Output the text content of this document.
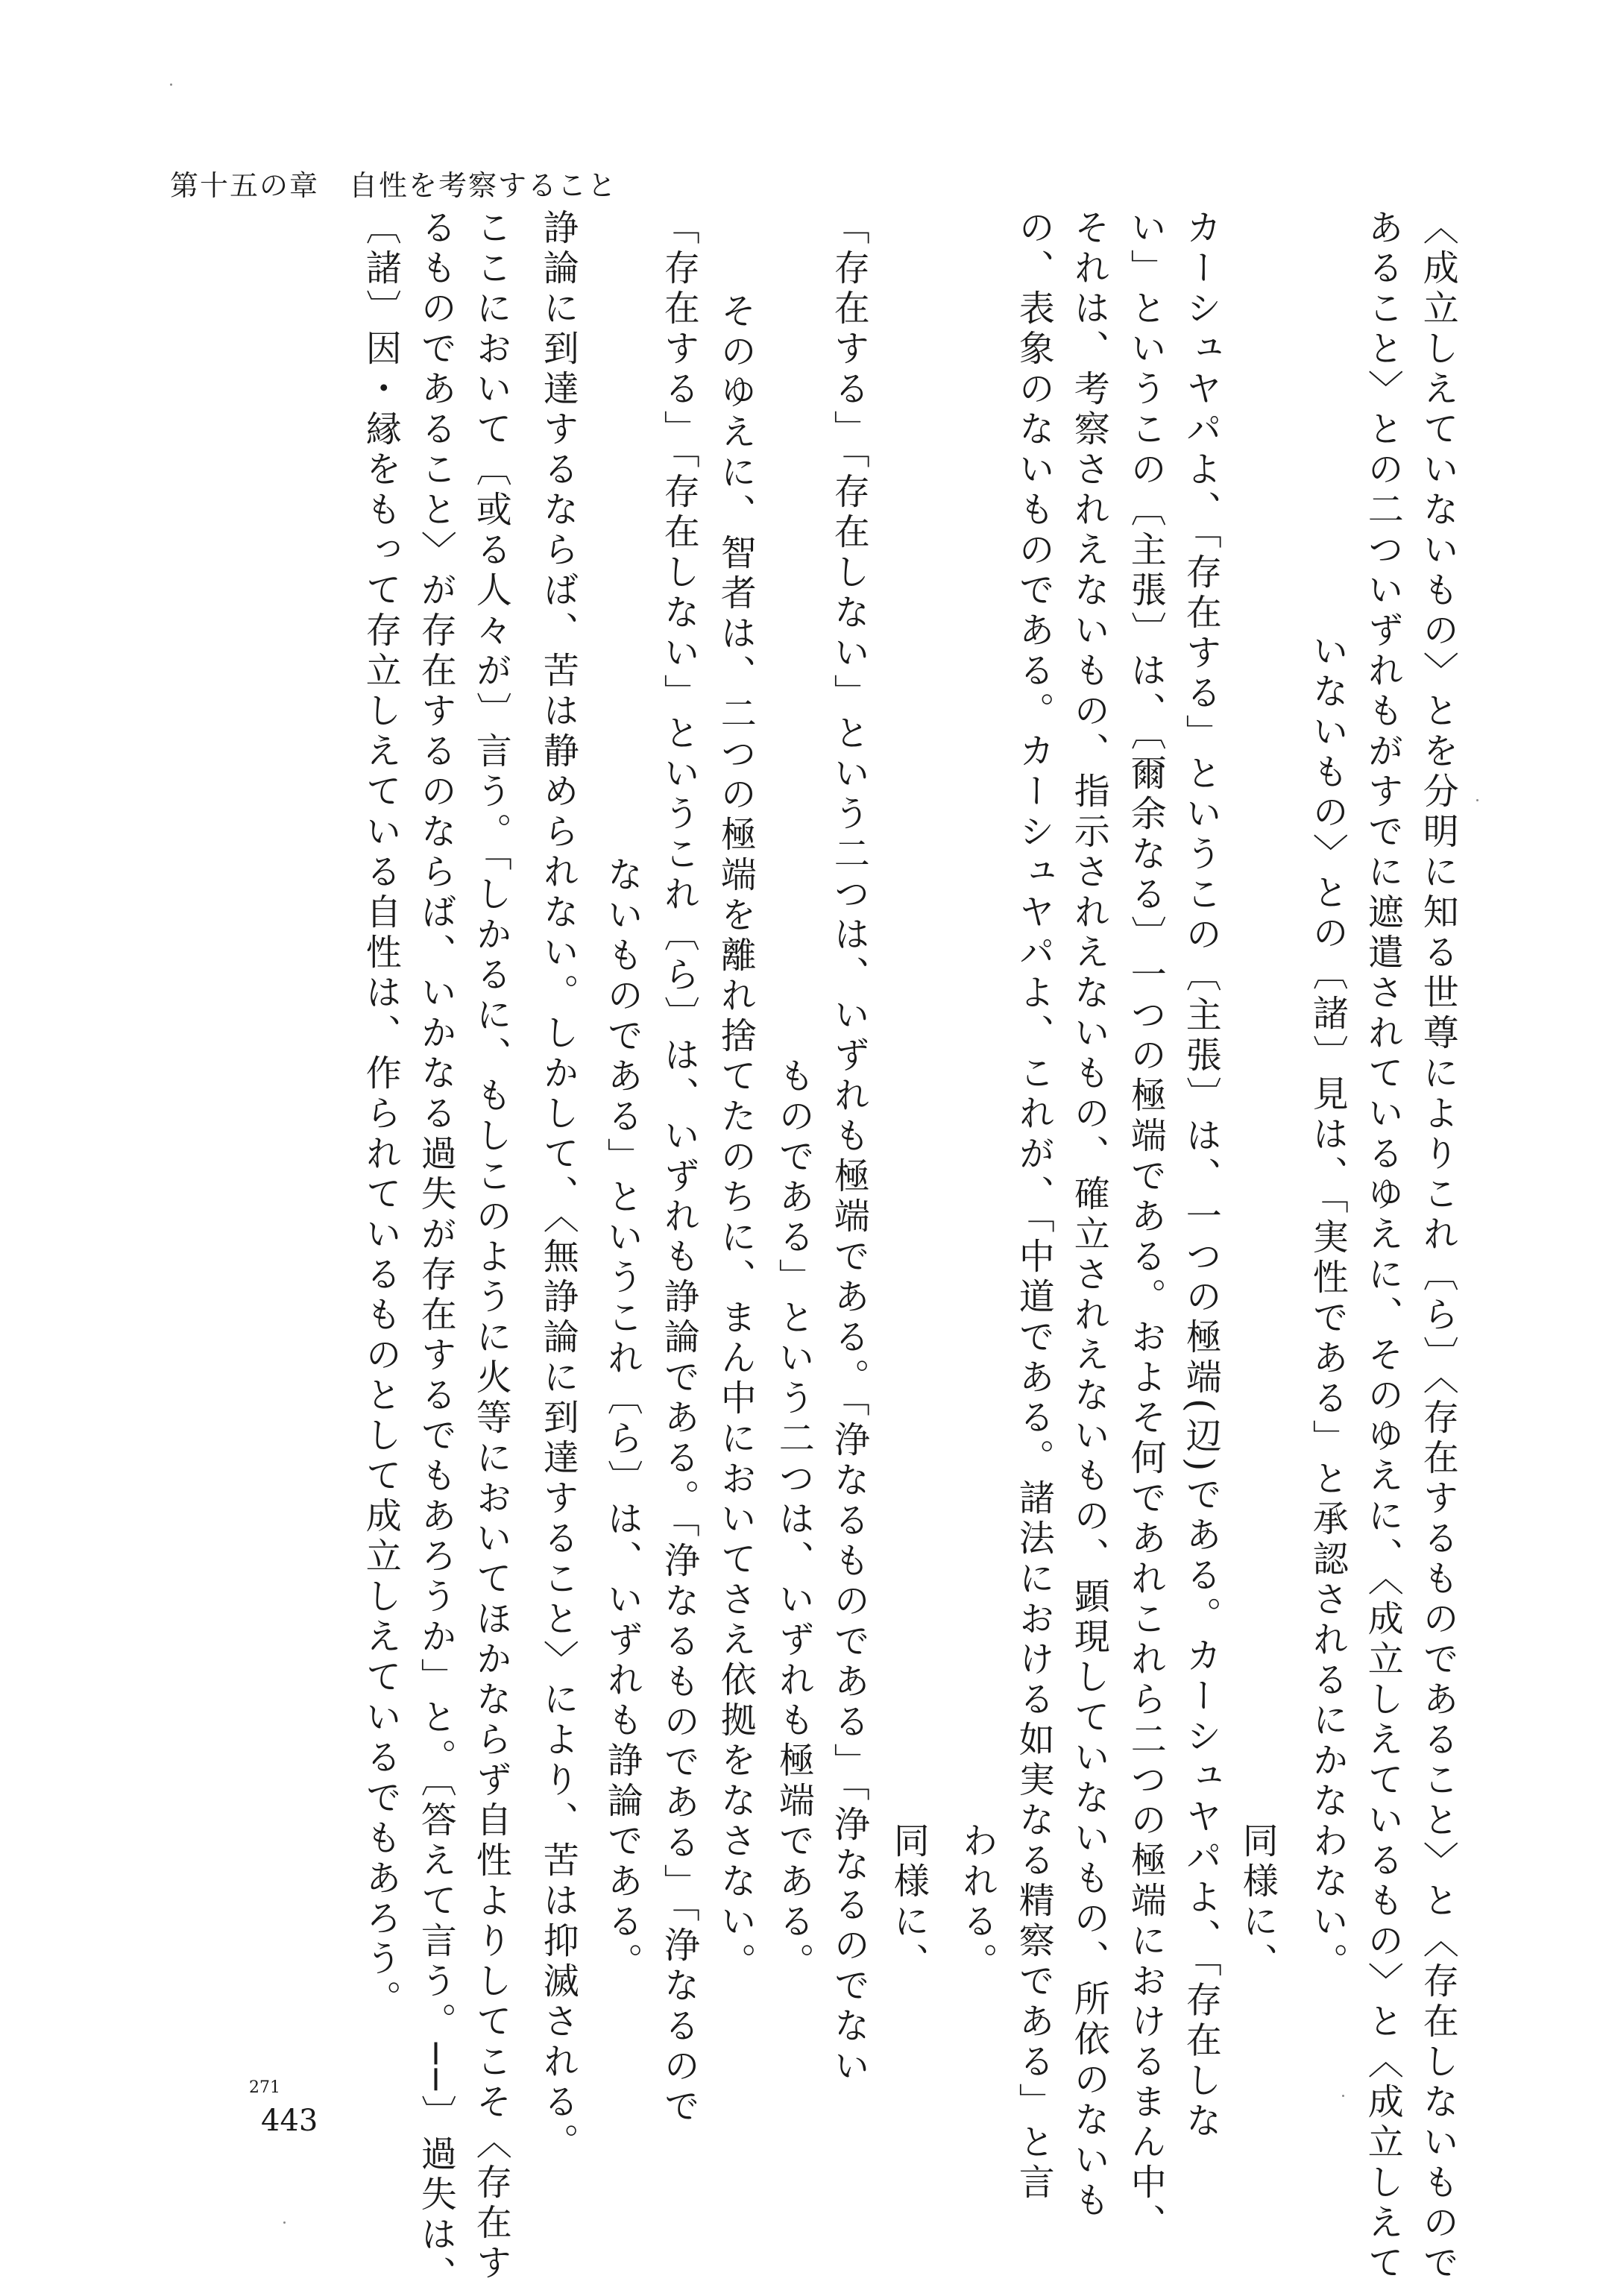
第十五の章　自性を考察すること
〈成立しえていないもの〉とを分明に知る世尊によりこれ〔ら〕〈存在するものであること〉と〈存在しないもので
あること〉との二ついずれもがすでに遮遣されているゆえに、そのゆえに、〈成立しえているもの〉と〈成立しえて
いないもの〉との〔諸〕見は、「実性である」と承認されるにかなわない。
同様に、
カーシュヤパよ、「存在する」というこの〔主張〕は、一つの極端(辺)である。カーシュヤパよ、「存在しな
い」というこの〔主張〕は、〔爾余なる〕一つの極端である。およそ何であれこれら二つの極端におけるまん中、
それは、考察されえないもの、指示されえないもの、確立されえないもの、顕現していないもの、所依のないも
の、表象のないものである。カーシュヤパよ、これが、「中道である。諸法における如実なる精察である」と言
われる。
同様に、
「存在する」「存在しない」という二つは、いずれも極端である。「浄なるものである」「浄なるのでない
ものである」という二つは、いずれも極端である。
そのゆえに、智者は、二つの極端を離れ捨てたのちに、まん中においてさえ依拠をなさない。
「存在する」「存在しない」というこれ〔ら〕は、いずれも諍論である。「浄なるものである」「浄なるので
ないものである」というこれ〔ら〕は、いずれも諍論である。
諍論に到達するならば、苦は静められない。しかして、〈無諍論に到達すること〉により、苦は抑滅される。
ここにおいて〔或る人々が〕言う。「しかるに、もしこのように火等においてほかならず自性よりしてこそ〈存在す
るものであること〉が存在するのならば、いかなる過失が存在するでもあろうか」と。〔答えて言う。──〕過失は、
〔諸〕因・縁をもって存立しえている自性は、作られているものとして成立しえているでもあろう。
271
443
